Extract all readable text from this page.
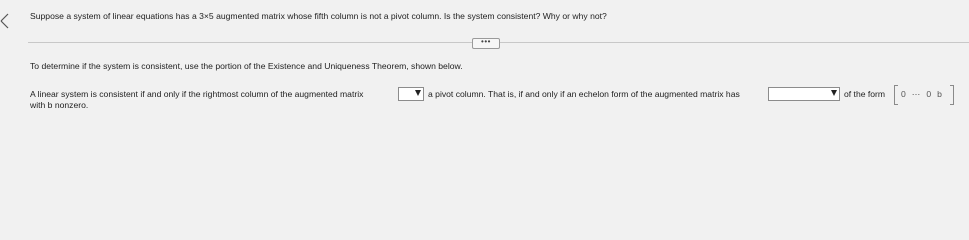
Suppose a system of linear equations has a 3×5 augmented matrix whose fifth column is not a pivot column. Is the system consistent? Why or why not?
•••
To determine if the system is consistent, use the portion of the Existence and Uniqueness Theorem, shown below.
A linear system is consistent if and only if the rightmost column of the augmented matrix	a pivot column. That is, if and only if an echelon form of the augmented matrix has	of the form 0 ⋯ 0 b
with b nonzero.
